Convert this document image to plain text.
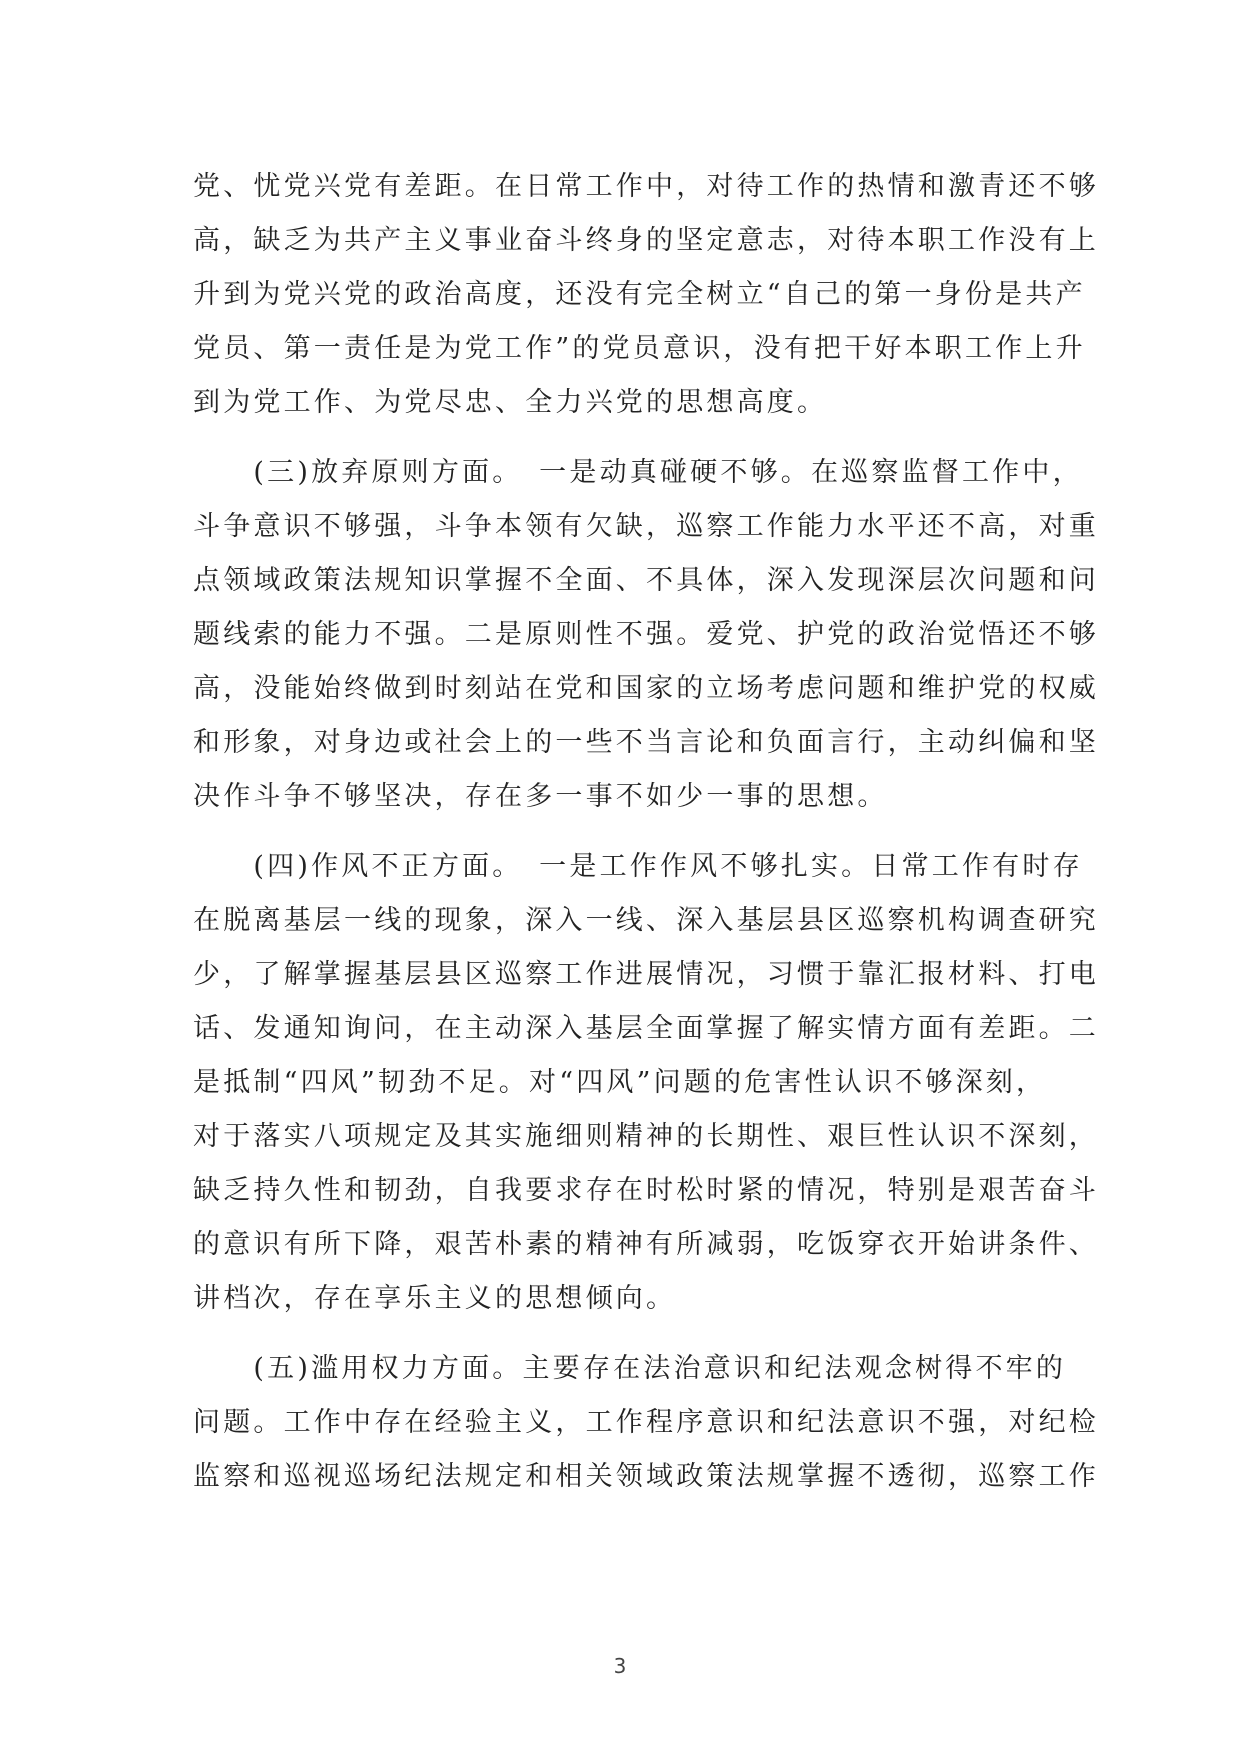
党、忧党兴党有差距。在日常工作中，对待工作的热情和激青还不够
高，缺乏为共产主义事业奋斗终身的坚定意志，对待本职工作没有上
升到为党兴党的政治高度，还没有完全树立“自己的第一身份是共产
党员、第一责任是为党工作”的党员意识，没有把干好本职工作上升
到为党工作、为党尽忠、全力兴党的思想高度。
　　(三)放弃原则方面。　一是动真碰硬不够。在巡察监督工作中，
斗争意识不够强，斗争本领有欠缺，巡察工作能力水平还不高，对重
点领域政策法规知识掌握不全面、不具体，深入发现深层次问题和问
题线索的能力不强。二是原则性不强。爱党、护党的政治觉悟还不够
高，没能始终做到时刻站在党和国家的立场考虑问题和维护党的权威
和形象，对身边或社会上的一些不当言论和负面言行，主动纠偏和坚
决作斗争不够坚决，存在多一事不如少一事的思想。
　　(四)作风不正方面。　一是工作作风不够扎实。日常工作有时存
在脱离基层一线的现象，深入一线、深入基层县区巡察机构调查研究
少，了解掌握基层县区巡察工作进展情况，习惯于靠汇报材料、打电
话、发通知询问，在主动深入基层全面掌握了解实情方面有差距。二
是抵制“四风”韧劲不足。对“四风”问题的危害性认识不够深刻，
对于落实八项规定及其实施细则精神的长期性、艰巨性认识不深刻，
缺乏持久性和韧劲，自我要求存在时松时紧的情况，特别是艰苦奋斗
的意识有所下降，艰苦朴素的精神有所减弱，吃饭穿衣开始讲条件、
讲档次，存在享乐主义的思想倾向。
　　(五)滥用权力方面。主要存在法治意识和纪法观念树得不牢的
问题。工作中存在经验主义，工作程序意识和纪法意识不强，对纪检
监察和巡视巡场纪法规定和相关领域政策法规掌握不透彻，巡察工作
3
